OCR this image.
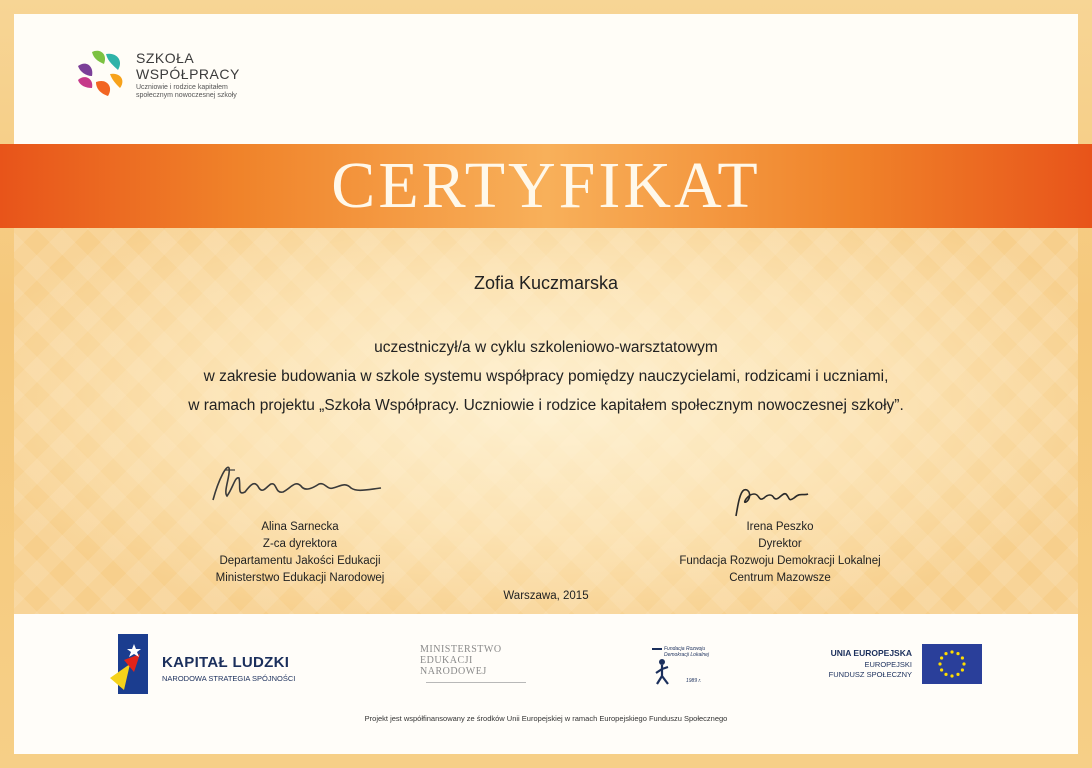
SZKOŁA
WSPÓŁPRACY
Uczniowie i rodzice kapitałem
społecznym nowoczesnej szkoły
CERTYFIKAT
Zofia Kuczmarska
uczestniczył/a w cyklu szkoleniowo-warsztatowym
w zakresie budowania w szkole systemu współpracy pomiędzy nauczycielami, rodzicami i uczniami,
w ramach projektu „Szkoła Współpracy. Uczniowie i rodzice kapitałem społecznym nowoczesnej szkoły”.
Alina Sarnecka
Z-ca dyrektora
Departamentu Jakości Edukacji
Ministerstwo Edukacji Narodowej
Irena Peszko
Dyrektor
Fundacja Rozwoju Demokracji Lokalnej
Centrum Mazowsze
Warszawa, 2015
KAPITAŁ LUDZKI
NARODOWA STRATEGIA SPÓJNOŚCI
MINISTERSTWO
EDUKACJI
NARODOWEJ
Fundacja Rozwoju
Demokracji Lokalnej
1989 r.
UNIA EUROPEJSKA
EUROPEJSKI
FUNDUSZ SPOŁECZNY
Projekt jest współfinansowany ze środków Unii Europejskiej w ramach Europejskiego Funduszu Społecznego
